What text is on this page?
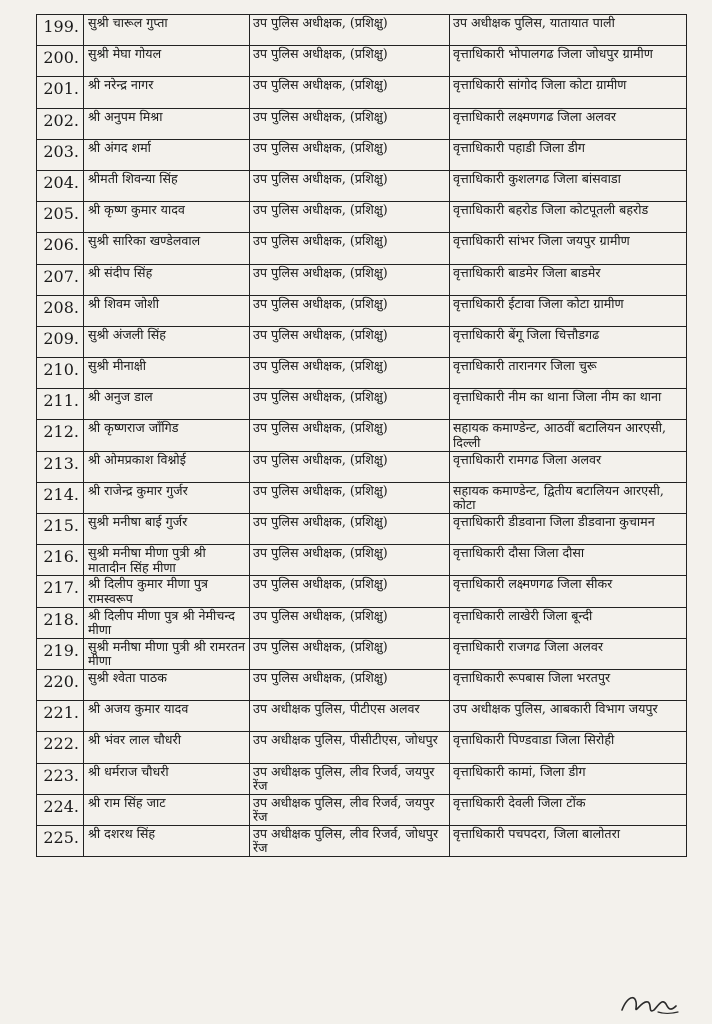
199.	सुश्री चारूल गुप्ता	उप पुलिस अधीक्षक, (प्रशिक्षु)	उप अधीक्षक पुलिस, यातायात पाली
200.	सुश्री मेघा गोयल	उप पुलिस अधीक्षक, (प्रशिक्षु)	वृत्ताधिकारी भोपालगढ जिला जोधपुर ग्रामीण
201.	श्री नरेन्द्र नागर	उप पुलिस अधीक्षक, (प्रशिक्षु)	वृत्ताधिकारी सांगोद जिला कोटा ग्रामीण
202.	श्री अनुपम मिश्रा	उप पुलिस अधीक्षक, (प्रशिक्षु)	वृत्ताधिकारी लक्ष्मणगढ जिला अलवर
203.	श्री अंगद शर्मा	उप पुलिस अधीक्षक, (प्रशिक्षु)	वृत्ताधिकारी पहाडी जिला डीग
204.	श्रीमती शिवन्या सिंह	उप पुलिस अधीक्षक, (प्रशिक्षु)	वृत्ताधिकारी कुशलगढ जिला बांसवाडा
205.	श्री कृष्ण कुमार यादव	उप पुलिस अधीक्षक, (प्रशिक्षु)	वृत्ताधिकारी बहरोड जिला कोटपूतली बहरोड
206.	सुश्री सारिका खण्डेलवाल	उप पुलिस अधीक्षक, (प्रशिक्षु)	वृत्ताधिकारी सांभर जिला जयपुर ग्रामीण
207.	श्री संदीप सिंह	उप पुलिस अधीक्षक, (प्रशिक्षु)	वृत्ताधिकारी बाडमेर जिला बाडमेर
208.	श्री शिवम जोशी	उप पुलिस अधीक्षक, (प्रशिक्षु)	वृत्ताधिकारी ईटावा जिला कोटा ग्रामीण
209.	सुश्री अंजली सिंह	उप पुलिस अधीक्षक, (प्रशिक्षु)	वृत्ताधिकारी बेंगू जिला चित्तौडगढ
210.	सुश्री मीनाक्षी	उप पुलिस अधीक्षक, (प्रशिक्षु)	वृत्ताधिकारी तारानगर जिला चुरू
211.	श्री अनुज डाल	उप पुलिस अधीक्षक, (प्रशिक्षु)	वृत्ताधिकारी नीम का थाना जिला नीम का थाना
212.	श्री कृष्णराज जाँगिड	उप पुलिस अधीक्षक, (प्रशिक्षु)	सहायक कमाण्डेन्ट, आठवीं बटालियन आरएसी, दिल्ली
213.	श्री ओमप्रकाश विश्नोई	उप पुलिस अधीक्षक, (प्रशिक्षु)	वृत्ताधिकारी रामगढ जिला अलवर
214.	श्री राजेन्द्र कुमार गुर्जर	उप पुलिस अधीक्षक, (प्रशिक्षु)	सहायक कमाण्डेन्ट, द्वितीय बटालियन आरएसी, कोटा
215.	सुश्री मनीषा बाई गुर्जर	उप पुलिस अधीक्षक, (प्रशिक्षु)	वृत्ताधिकारी डीडवाना जिला डीडवाना कुचामन
216.	सुश्री मनीषा मीणा पुत्री श्री मातादीन सिंह मीणा	उप पुलिस अधीक्षक, (प्रशिक्षु)	वृत्ताधिकारी दौसा जिला दौसा
217.	श्री दिलीप कुमार मीणा पुत्र रामस्वरूप	उप पुलिस अधीक्षक, (प्रशिक्षु)	वृत्ताधिकारी लक्ष्मणगढ जिला सीकर
218.	श्री दिलीप मीणा पुत्र श्री नेमीचन्द मीणा	उप पुलिस अधीक्षक, (प्रशिक्षु)	वृत्ताधिकारी लाखेरी जिला बून्दी
219.	सुश्री मनीषा मीणा पुत्री श्री रामरतन मीणा	उप पुलिस अधीक्षक, (प्रशिक्षु)	वृत्ताधिकारी राजगढ जिला अलवर
220.	सुश्री श्वेता पाठक	उप पुलिस अधीक्षक, (प्रशिक्षु)	वृत्ताधिकारी रूपबास जिला भरतपुर
221.	श्री अजय कुमार यादव	उप अधीक्षक पुलिस, पीटीएस अलवर	उप अधीक्षक पुलिस, आबकारी विभाग जयपुर
222.	श्री भंवर लाल चौधरी	उप अधीक्षक पुलिस, पीसीटीएस, जोधपुर	वृत्ताधिकारी पिण्डवाडा जिला सिरोही
223.	श्री धर्मराज चौधरी	उप अधीक्षक पुलिस, लीव रिजर्व, जयपुर रेंज	वृत्ताधिकारी कामां, जिला डीग
224.	श्री राम सिंह जाट	उप अधीक्षक पुलिस, लीव रिजर्व, जयपुर रेंज	वृत्ताधिकारी देवली जिला टोंक
225.	श्री दशरथ सिंह	उप अधीक्षक पुलिस, लीव रिजर्व, जोधपुर रेंज	वृत्ताधिकारी पचपदरा, जिला बालोतरा
